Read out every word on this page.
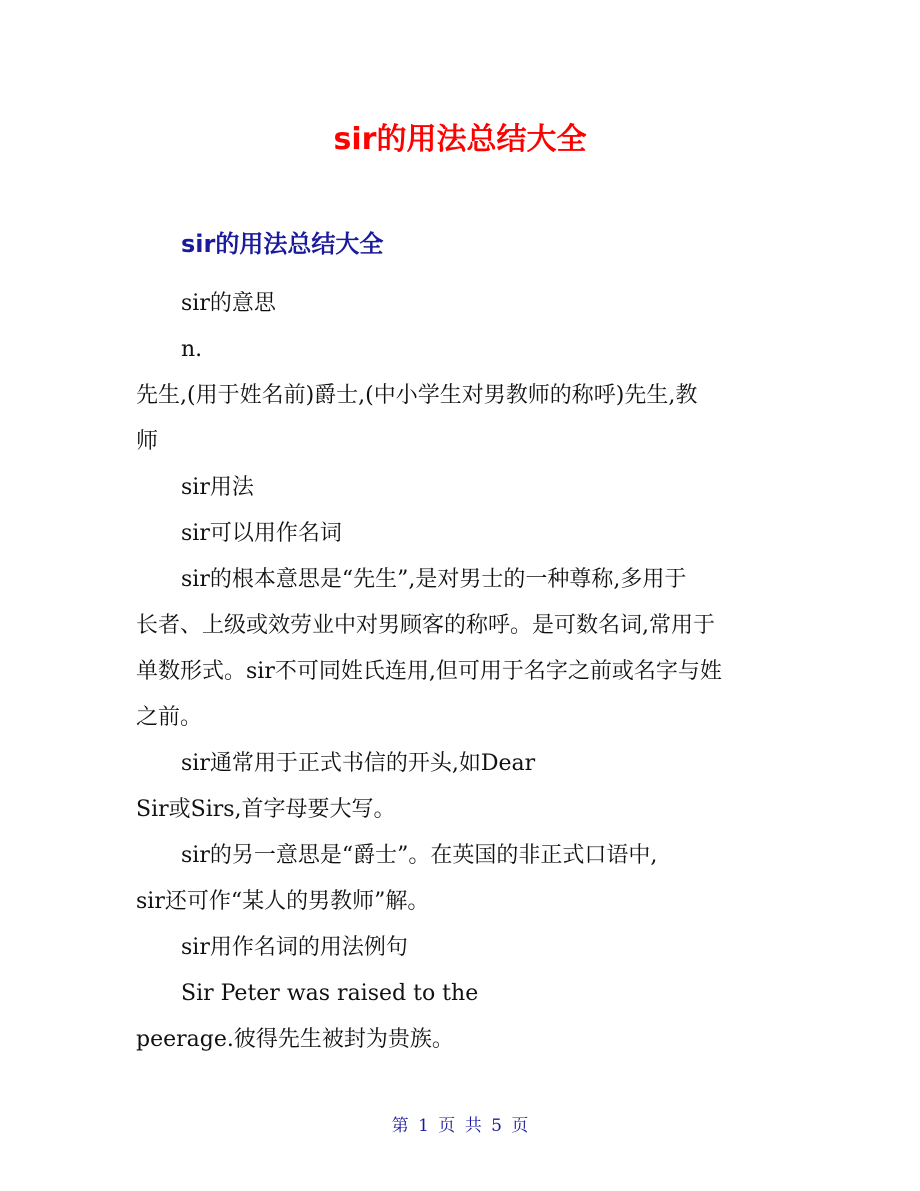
sir的用法总结大全
sir的用法总结大全

sir的意思

n.

先生,(用于姓名前)爵士,(中小学生对男教师的称呼)先生,教

师

sir用法

sir可以用作名词

sir的根本意思是“先生”,是对男士的一种尊称,多用于

长者、上级或效劳业中对男顾客的称呼。是可数名词,常用于

单数形式。sir不可同姓氏连用,但可用于名字之前或名字与姓

之前。

sir通常用于正式书信的开头,如Dear

Sir或Sirs,首字母要大写。

sir的另一意思是“爵士”。在英国的非正式口语中,

sir还可作“某人的男教师”解。

sir用作名词的用法例句

Sir Peter was raised to the

peerage.彼得先生被封为贵族。

第 1 页 共 5 页
